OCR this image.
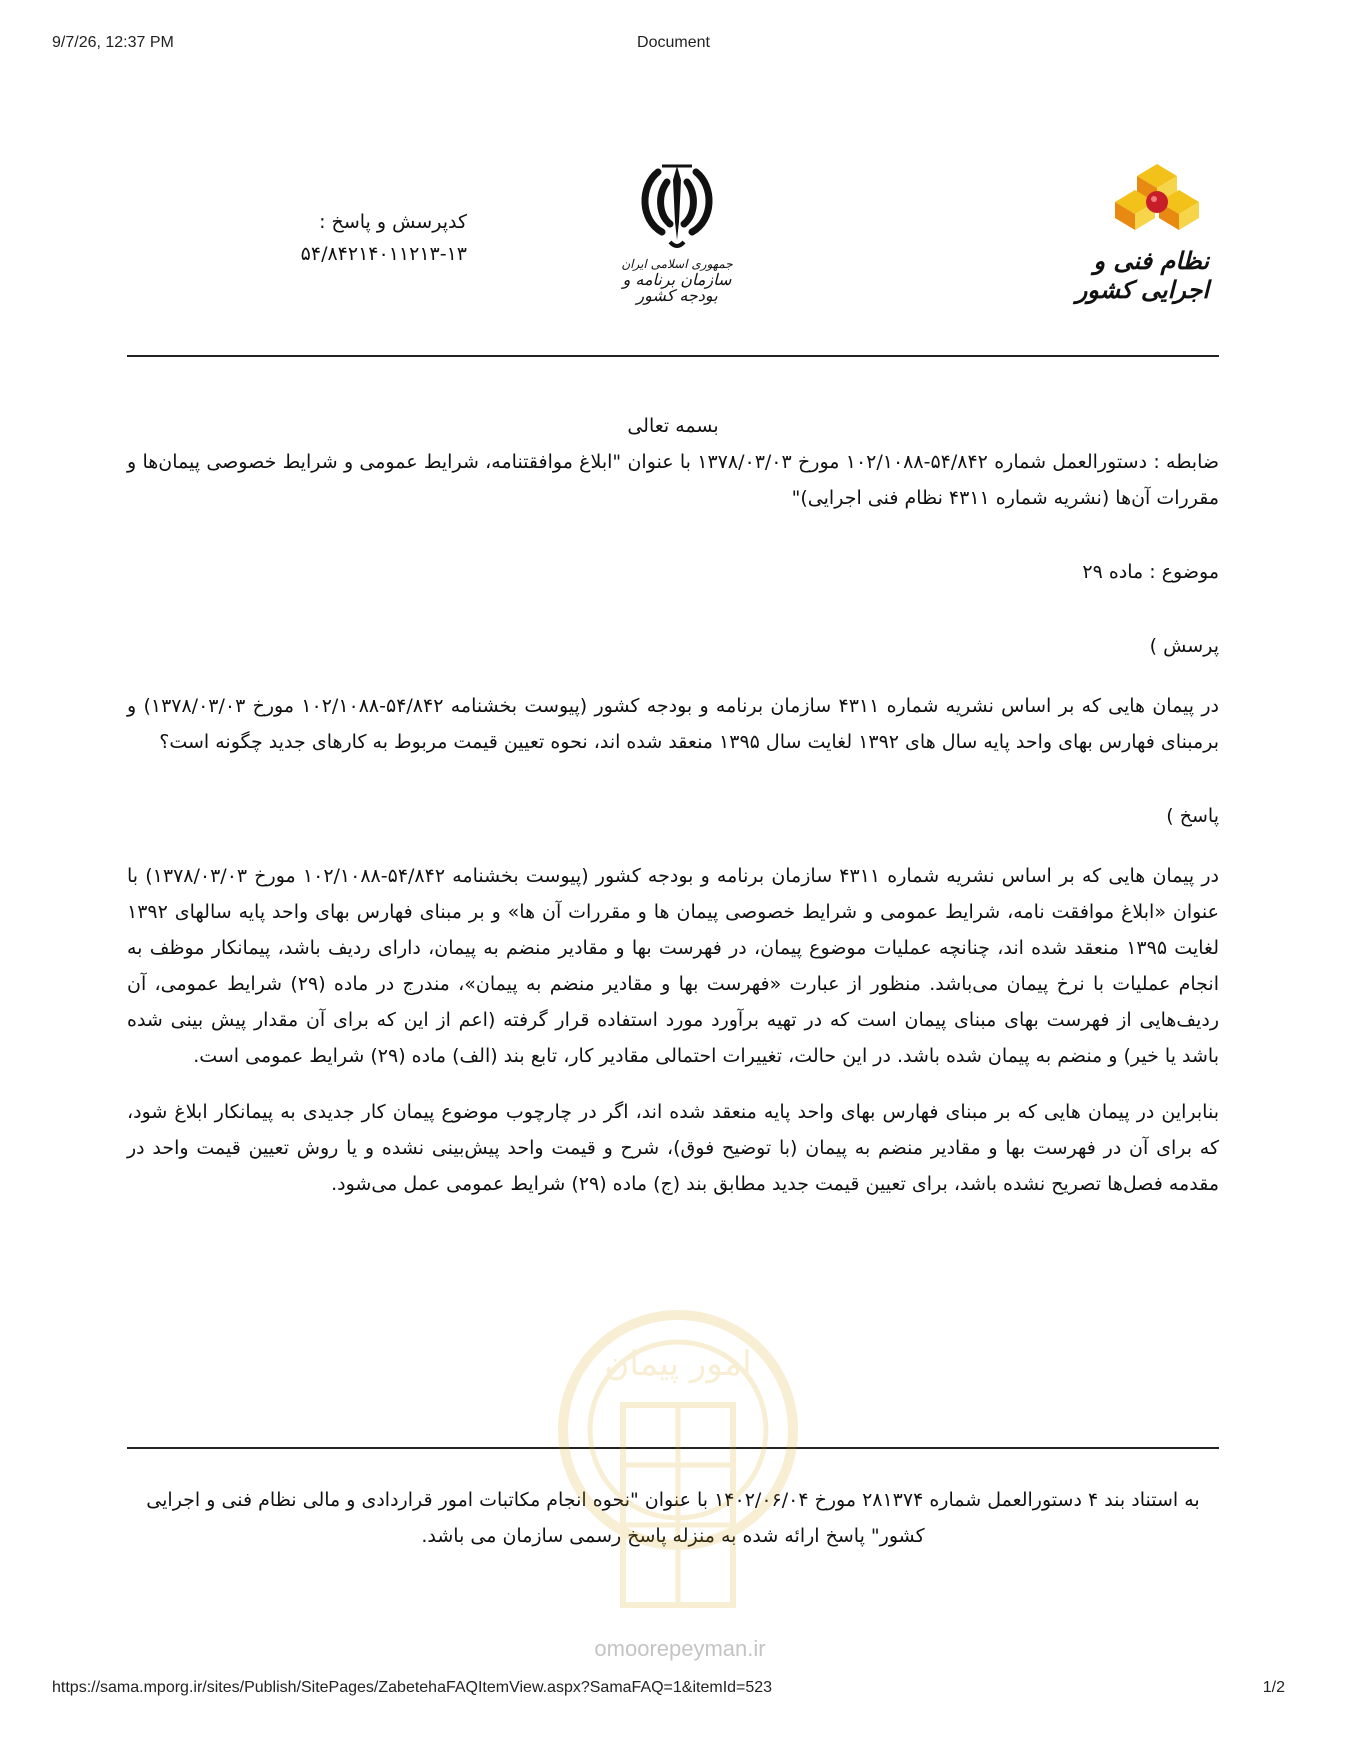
9/7/26, 12:37 PM	Document
کدپرسش و پاسخ :
۵۴/۸۴۲۱۴۰۱۱۲۱۳-۱۳	جمهوری اسلامی ایران
سازمان برنامه و بودجه کشور
نظام فنی و اجرایی کشور

بسمه تعالی

ضابطه : دستورالعمل شماره ۵۴/۸۴۲-۱۰۲/۱۰۸۸ مورخ ۱۳۷۸/۰۳/۰۳ با عنوان "ابلاغ موافقتنامه، شرایط عمومی و شرایط خصوصی پیمان‌ها و مقررات آن‌ها (نشریه شماره ۴۳۱۱ نظام فنی اجرایی)"

موضوع : ماده ۲۹

پرسش )

در پیمان هایی که بر اساس نشریه شماره ۴۳۱۱ سازمان برنامه و بودجه کشور (پیوست بخشنامه ۵۴/۸۴۲-۱۰۲/۱۰۸۸ مورخ ۱۳۷۸/۰۳/۰۳) و برمبنای فهارس بهای واحد پایه سال های ۱۳۹۲ لغایت سال ۱۳۹۵ منعقد شده اند، نحوه تعیین قیمت مربوط به کارهای جدید چگونه است؟

پاسخ )

در پیمان هایی که بر اساس نشریه شماره ۴۳۱۱ سازمان برنامه و بودجه کشور (پیوست بخشنامه ۵۴/۸۴۲-۱۰۲/۱۰۸۸ مورخ ۱۳۷۸/۰۳/۰۳) با عنوان «ابلاغ موافقت نامه، شرایط عمومی و شرایط خصوصی پیمان ها و مقررات آن ها» و بر مبنای فهارس بهای واحد پایه سالهای ۱۳۹۲ لغایت ۱۳۹۵ منعقد شده اند، چنانچه عملیات موضوع پیمان، در فهرست بها و مقادیر منضم به پیمان، دارای ردیف باشد، پیمانکار موظف به انجام عملیات با نرخ پیمان می‌باشد. منظور از عبارت «فهرست بها و مقادیر منضم به پیمان»، مندرج در ماده (۲۹) شرایط عمومی، آن ردیف‌هایی از فهرست بهای مبنای پیمان است که در تهیه برآورد مورد استفاده قرار گرفته (اعم از این که برای آن مقدار پیش بینی شده باشد یا خیر) و منضم به پیمان شده باشد. در این حالت، تغییرات احتمالی مقادیر کار، تابع بند (الف) ماده (۲۹) شرایط عمومی است.

بنابراین در پیمان هایی که بر مبنای فهارس بهای واحد پایه منعقد شده اند، اگر در چارچوب موضوع پیمان کار جدیدی به پیمانکار ابلاغ شود، که برای آن در فهرست بها و مقادیر منضم به پیمان (با توضیح فوق)، شرح و قیمت واحد پیش‌بینی نشده و یا روش تعیین قیمت واحد در مقدمه فصل‌ها تصریح نشده باشد، برای تعیین قیمت جدید مطابق بند (ج) ماده (۲۹) شرایط عمومی عمل می‌شود.

به استناد بند ۴ دستورالعمل شماره ۲۸۱۳۷۴ مورخ ۱۴۰۲/۰۶/۰۴ با عنوان "نحوه انجام مکاتبات امور قراردادی و مالی نظام فنی و اجرایی کشور" پاسخ ارائه شده به منزله پاسخ رسمی سازمان می باشد.
امور پیمان
omoorepeyman.ir
https://sama.mporg.ir/sites/Publish/SitePages/ZabetehaFAQItemView.aspx?SamaFAQ=1&itemId=523	1/2
